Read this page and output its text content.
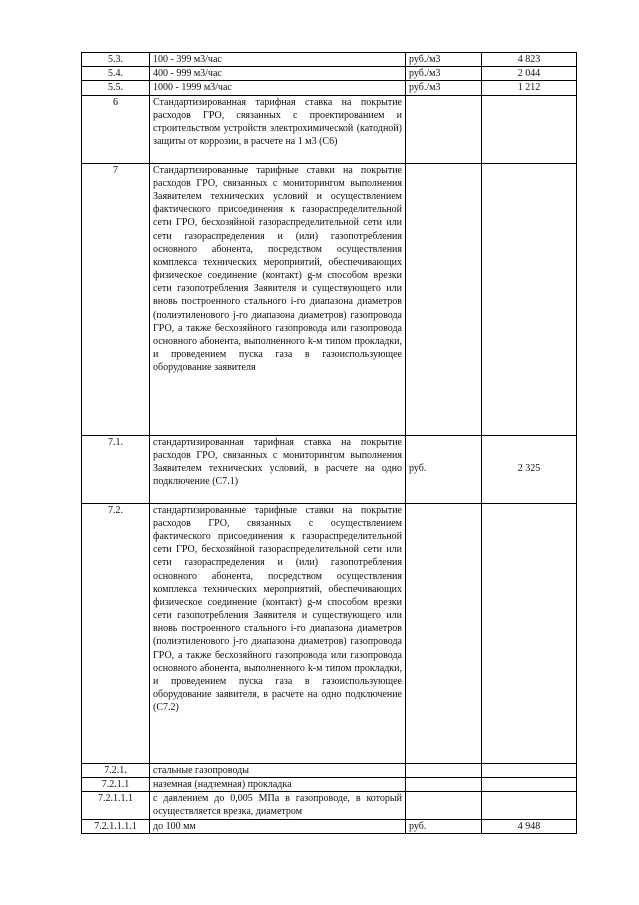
5.3.	100 - 399 м3/час	руб./м3	4 823
5.4.	400 - 999 м3/час	руб./м3	2 044
5.5.	1000 - 1999 м3/час	руб./м3	1 212
6	Стандартизированная тарифная ставка на покрытие расходов ГРО, связанных с проектированием и строительством устройств электрохимической (катодной) защиты от коррозии, в расчете на 1 м3 (С6)		
7	Стандартизированные тарифные ставки на покрытие расходов ГРО, связанных с мониторингом выполнения Заявителем технических условий и осуществлением фактического присоединения к газораспределительной сети ГРО, бесхозяйной газораспределительной сети или сети газораспределения и (или) газопотребления основного абонента, посредством осуществления комплекса технических мероприятий, обеспечивающих физическое соединение (контакт) g-м способом врезки сети газопотребления Заявителя и существующего или вновь построенного стального i-го диапазона диаметров (полиэтиленового j-го диапазона диаметров) газопровода ГРО, а также бесхозяйного газопровода или газопровода основного абонента, выполненного k-м типом прокладки, и проведением пуска газа в газоиспользующее оборудование заявителя		
7.1.	стандартизированная тарифная ставка на покрытие расходов ГРО, связанных с мониторингом выполнения Заявителем технических условий, в расчете на одно подключение (С7.1)	руб.	2 325
7.2.	стандартизированные тарифные ставки на покрытие расходов ГРО, связанных с осуществлением фактического присоединения к газораспределительной сети ГРО, бесхозяйной газораспределительной сети или сети газораспределения и (или) газопотребления основного абонента, посредством осуществления комплекса технических мероприятий, обеспечивающих физическое соединение (контакт) g-м способом врезки сети газопотребления Заявителя и существующего или вновь построенного стального i-го диапазона диаметров (полиэтиленового j-го диапазона диаметров) газопровода ГРО, а также бесхозяйного газопровода или газопровода основного абонента, выполненного k-м типом прокладки, и проведением пуска газа в газоиспользующее оборудование заявителя, в расчете на одно подключение (С7.2)		
7.2.1.	стальные газопроводы		
7.2.1.1	наземная (надземная) прокладка		
7.2.1.1.1	с давлением до 0,005 МПа в газопроводе, в который осуществляется врезка, диаметром		
7.2.1.1.1.1	до 100 мм	руб.	4 948
